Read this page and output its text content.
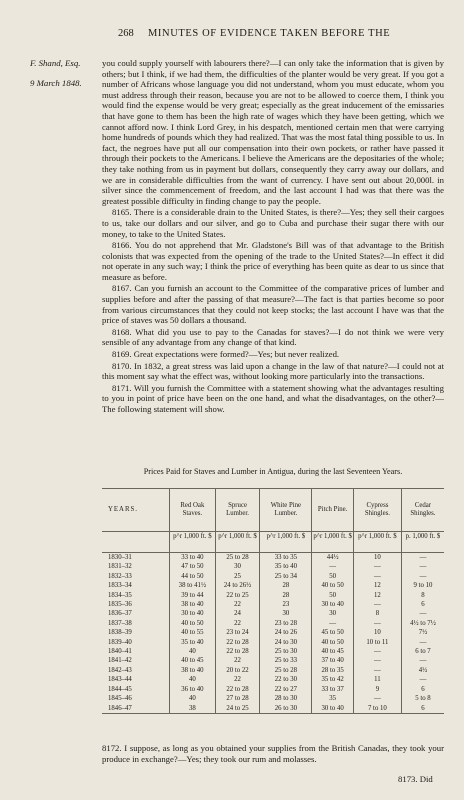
268 MINUTES OF EVIDENCE TAKEN BEFORE THE
F. Shand, Esq.
9 March 1848.

you could supply yourself with labourers there?—I can only take the information that is given by others; but I think, if we had them, the difficulties of the planter would be very great. If you got a number of Africans whose language you did not understand, whom you must educate, whom you must address through their reason, because you are not to be allowed to coerce them, I think you would find the expense would be very great; especially as the great inducement of the emissaries that have gone to them has been the high rate of wages which they have been getting, which we cannot afford now. I think Lord Grey, in his despatch, mentioned certain men that were carrying home hundreds of pounds which they had realized. That was the most fatal thing possible to us. In fact, the negroes have put all our compensation into their own pockets, or rather have passed it through their pockets to the Americans. I believe the Americans are the depositaries of the whole; they take nothing from us in payment but dollars, consequently they carry away our dollars, and we are in considerable difficulties from the want of currency. I have sent out about 20,000l. in silver since the commencement of freedom, and the last account I had was that there was the greatest possible difficulty in finding change to pay the people.

8165. There is a considerable drain to the United States, is there?—Yes; they sell their cargoes to us, take our dollars and our silver, and go to Cuba and purchase their sugar there with our money, to take to the United States.

8166. You do not apprehend that Mr. Gladstone's Bill was of that advantage to the British colonists that was expected from the opening of the trade to the United States?—In effect it did not operate in any such way; I think the price of everything has been quite as dear to us since that measure as before.

8167. Can you furnish an account to the Committee of the comparative prices of lumber and supplies before and after the passing of that measure?—The fact is that parties become so poor from various circumstances that they could not keep stocks; the last account I have was that the price of staves was 50 dollars a thousand.

8168. What did you use to pay to the Canadas for staves?—I do not think we were very sensible of any advantage from any change of that kind.

8169. Great expectations were formed?—Yes; but never realized.

8170. In 1832, a great stress was laid upon a change in the law of that nature?—I could not at this moment say what the effect was, without looking more particularly into the transactions.

8171. Will you furnish the Committee with a statement showing what the advantages resulting to you in point of price have been on the one hand, and what the disadvantages, on the other?—The following statement will show.

Prices Paid for Staves and Lumber in Antigua, during the last Seventeen Years.
YEARS.	Red Oak Staves.	Spruce Lumber.	White Pine Lumber.	Pitch Pine.	Cypress Shingles.	Cedar Shingles.
	p^r 1,000 ft. $	p^r 1,000 ft. $	p^r 1,000 ft. $	p^r 1,000 ft. $	p^r 1,000 ft. $	p. 1,000 ft. $
1830–31	33 to 40	25 to 28	33 to 35	44½	10	—
1831–32	47 to 50	30	35 to 40	—	—	—
1832–33	44 to 50	25	25 to 34	50	—	—
1833–34	38 to 41½	24 to 26½	28	40 to 50	12	9 to 10
1834–35	39 to 44	22 to 25	28	50	12	8
1835–36	38 to 40	22	23	30 to 40	—	6
1836–37	30 to 40	24	30	30	8	—
1837–38	40 to 50	22	23 to 28	—	—	4½ to 7½
1838–39	40 to 55	23 to 24	24 to 26	45 to 50	10	7½
1839–40	35 to 40	22 to 28	24 to 30	40 to 50	10 to 11	—
1840–41	40	22 to 28	25 to 30	40 to 45	—	6 to 7
1841–42	40 to 45	22	25 to 33	37 to 40	—	—
1842–43	38 to 40	20 to 22	25 to 28	28 to 35	—	4½
1843–44	40	22	22 to 30	35 to 42	11	—
1844–45	36 to 40	22 to 28	22 to 27	33 to 37	9	6
1845–46	40	27 to 28	28 to 30	35	—	5 to 8
1846–47	38	24 to 25	26 to 30	30 to 40	7 to 10	6
8172. I suppose, as long as you obtained your supplies from the British Canadas, they took your produce in exchange?—Yes; they took our rum and molasses.
8173. Did
